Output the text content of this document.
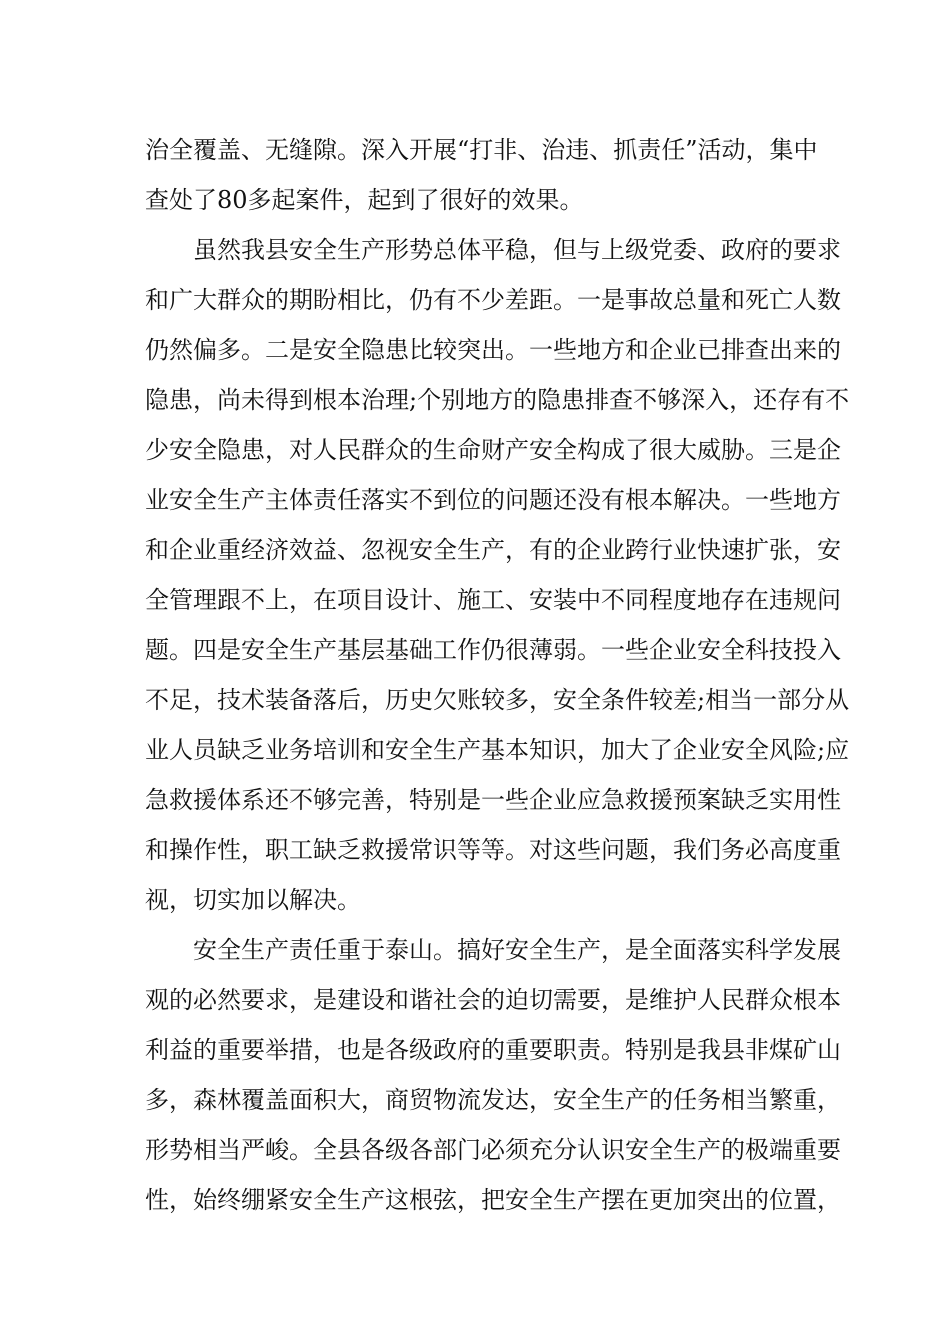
治全覆盖、无缝隙。深入开展“打非、治违、抓责任”活动，集中
查处了80多起案件，起到了很好的效果。
虽然我县安全生产形势总体平稳，但与上级党委、政府的要求
和广大群众的期盼相比，仍有不少差距。一是事故总量和死亡人数
仍然偏多。二是安全隐患比较突出。一些地方和企业已排查出来的
隐患，尚未得到根本治理;个别地方的隐患排查不够深入，还存有不
少安全隐患，对人民群众的生命财产安全构成了很大威胁。三是企
业安全生产主体责任落实不到位的问题还没有根本解决。一些地方
和企业重经济效益、忽视安全生产，有的企业跨行业快速扩张，安
全管理跟不上，在项目设计、施工、安装中不同程度地存在违规问
题。四是安全生产基层基础工作仍很薄弱。一些企业安全科技投入
不足，技术装备落后，历史欠账较多，安全条件较差;相当一部分从
业人员缺乏业务培训和安全生产基本知识，加大了企业安全风险;应
急救援体系还不够完善，特别是一些企业应急救援预案缺乏实用性
和操作性，职工缺乏救援常识等等。对这些问题，我们务必高度重
视，切实加以解决。
安全生产责任重于泰山。搞好安全生产，是全面落实科学发展
观的必然要求，是建设和谐社会的迫切需要，是维护人民群众根本
利益的重要举措，也是各级政府的重要职责。特别是我县非煤矿山
多，森林覆盖面积大，商贸物流发达，安全生产的任务相当繁重，
形势相当严峻。全县各级各部门必须充分认识安全生产的极端重要
性，始终绷紧安全生产这根弦，把安全生产摆在更加突出的位置，
